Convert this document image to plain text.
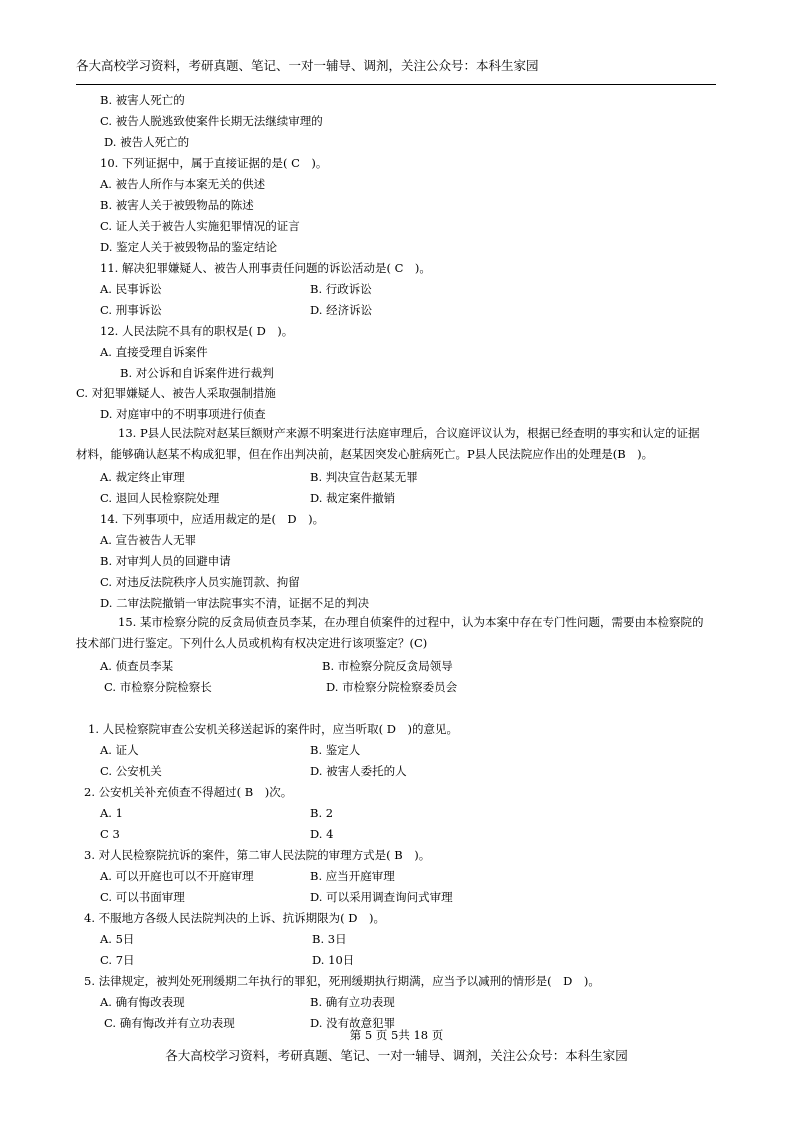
各大高校学习资料，考研真题、笔记、一对一辅导、调剂，关注公众号：本科生家园
B. 被害人死亡的
C. 被告人脱逃致使案件长期无法继续审理的
D. 被告人死亡的
10. 下列证据中，属于直接证据的是( C　)。
A. 被告人所作与本案无关的供述
B. 被害人关于被毁物品的陈述
C. 证人关于被告人实施犯罪情况的证言
D. 鉴定人关于被毁物品的鉴定结论
11. 解决犯罪嫌疑人、被告人刑事责任问题的诉讼活动是( C　)。
A. 民事诉讼	B. 行政诉讼
C. 刑事诉讼	D. 经济诉讼
12. 人民法院不具有的职权是( D　)。
A. 直接受理自诉案件
B. 对公诉和自诉案件进行裁判
C. 对犯罪嫌疑人、被告人采取强制措施
D. 对庭审中的不明事项进行侦查
13. P县人民法院对赵某巨额财产来源不明案进行法庭审理后，合议庭评议认为，根据已经查明的事实和认定的证据材料，能够确认赵某不构成犯罪，但在作出判决前，赵某因突发心脏病死亡。P县人民法院应作出的处理是(B　)。
A. 裁定终止审理	B. 判决宣告赵某无罪
C. 退回人民检察院处理	D. 裁定案件撤销
14. 下列事项中，应适用裁定的是(　D　)。
A. 宣告被告人无罪
B. 对审判人员的回避申请
C. 对违反法院秩序人员实施罚款、拘留
D. 二审法院撤销一审法院事实不清，证据不足的判决
15. 某市检察分院的反贪局侦查员李某，在办理自侦案件的过程中，认为本案中存在专门性问题，需要由本检察院的技术部门进行鉴定。下列什么人员或机构有权决定进行该项鉴定？(C)
A. 侦查员李某	B. 市检察分院反贪局领导
C. 市检察分院检察长	D. 市检察分院检察委员会
1. 人民检察院审查公安机关移送起诉的案件时，应当听取( D　)的意见。
A. 证人	B. 鉴定人
C. 公安机关	D. 被害人委托的人
2. 公安机关补充侦查不得超过( B　)次。
A. 1	B. 2
C 3	D. 4
3. 对人民检察院抗诉的案件，第二审人民法院的审理方式是( B　)。
A. 可以开庭也可以不开庭审理	B. 应当开庭审理
C. 可以书面审理	D. 可以采用调查询问式审理
4. 不服地方各级人民法院判决的上诉、抗诉期限为( D　)。
A. 5日	B. 3日
C. 7日	D. 10日
5. 法律规定，被判处死刑缓期二年执行的罪犯，死刑缓期执行期满，应当予以减刑的情形是(　D　)。
A. 确有悔改表现	B. 确有立功表现
C. 确有悔改并有立功表现	D. 没有故意犯罪
第 5 页 5共 18 页
各大高校学习资料，考研真题、笔记、一对一辅导、调剂，关注公众号：本科生家园
